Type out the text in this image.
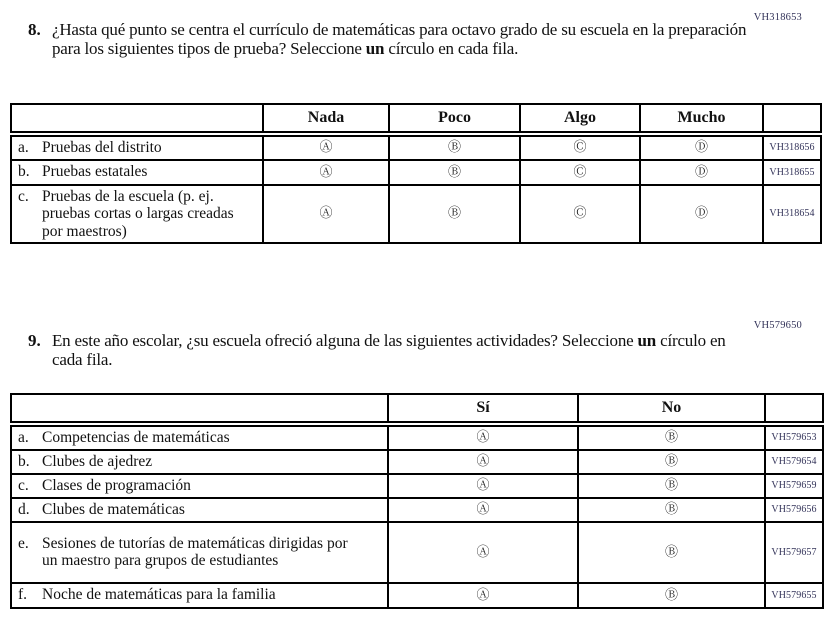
VH318653
8. ¿Hasta qué punto se centra el currículo de matemáticas para octavo grado de su escuela en la preparación para los siguientes tipos de prueba? Seleccione un círculo en cada fila.
	Nada	Poco	Algo	Mucho	

a. Pruebas del distrito	Ⓐ	Ⓑ	Ⓒ	Ⓓ	VH318656

b. Pruebas estatales	Ⓐ	Ⓑ	Ⓒ	Ⓓ	VH318655

c. Pruebas de la escuela (p. ej. pruebas cortas o largas creadas por maestros)	Ⓐ	Ⓑ	Ⓒ	Ⓓ	VH318654
VH579650
9. En este año escolar, ¿su escuela ofreció alguna de las siguientes actividades? Seleccione un círculo en cada fila.
	Sí	No	

a. Competencias de matemáticas	Ⓐ	Ⓑ	VH579653

b. Clubes de ajedrez	Ⓐ	Ⓑ	VH579654

c. Clases de programación	Ⓐ	Ⓑ	VH579659

d. Clubes de matemáticas	Ⓐ	Ⓑ	VH579656

e. Sesiones de tutorías de matemáticas dirigidas por un maestro para grupos de estudiantes	Ⓐ	Ⓑ	VH579657

f. Noche de matemáticas para la familia	Ⓐ	Ⓑ	VH579655
